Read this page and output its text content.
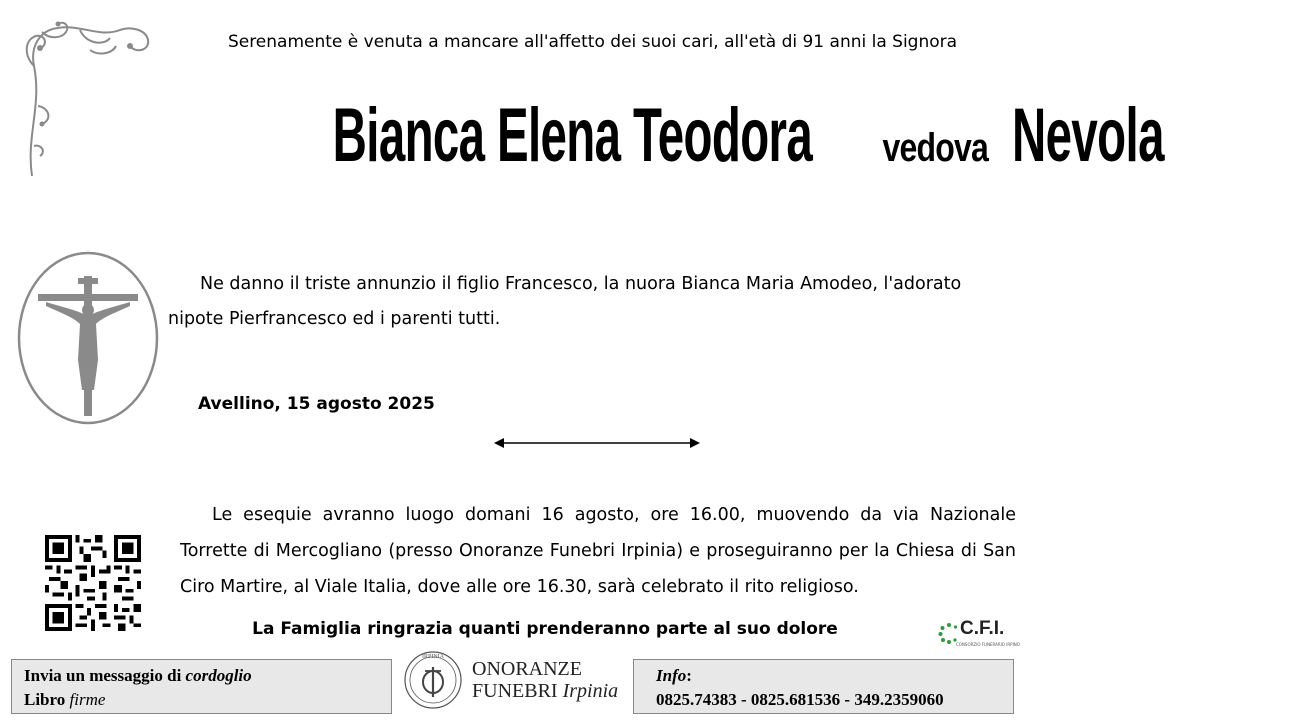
Serenamente è venuta a mancare all'affetto dei suoi cari, all'età di 91 anni la Signora
Bianca Elena Teodora vedova Nevola
Ne danno il triste annunzio il figlio Francesco, la nuora Bianca Maria Amodeo, l'adorato nipote Pierfrancesco ed i parenti tutti.
Avellino, 15 agosto 2025
Le esequie avranno luogo domani 16 agosto, ore 16.00, muovendo da via Nazionale Torrette di Mercogliano (presso Onoranze Funebri Irpinia) e proseguiranno per la Chiesa di San Ciro Martire, al Viale Italia, dove alle ore 16.30, sarà celebrato il rito religioso.
La Famiglia ringrazia quanti prenderanno parte al suo dolore	C.F.I.
CONSORZIO FUNERARIO IRPINO
Invia un messaggio di cordoglio
Libro firme
IRPINIA
ONORANZE
FUNEBRI Irpinia
Info:
0825.74383 - 0825.681536 - 349.2359060
